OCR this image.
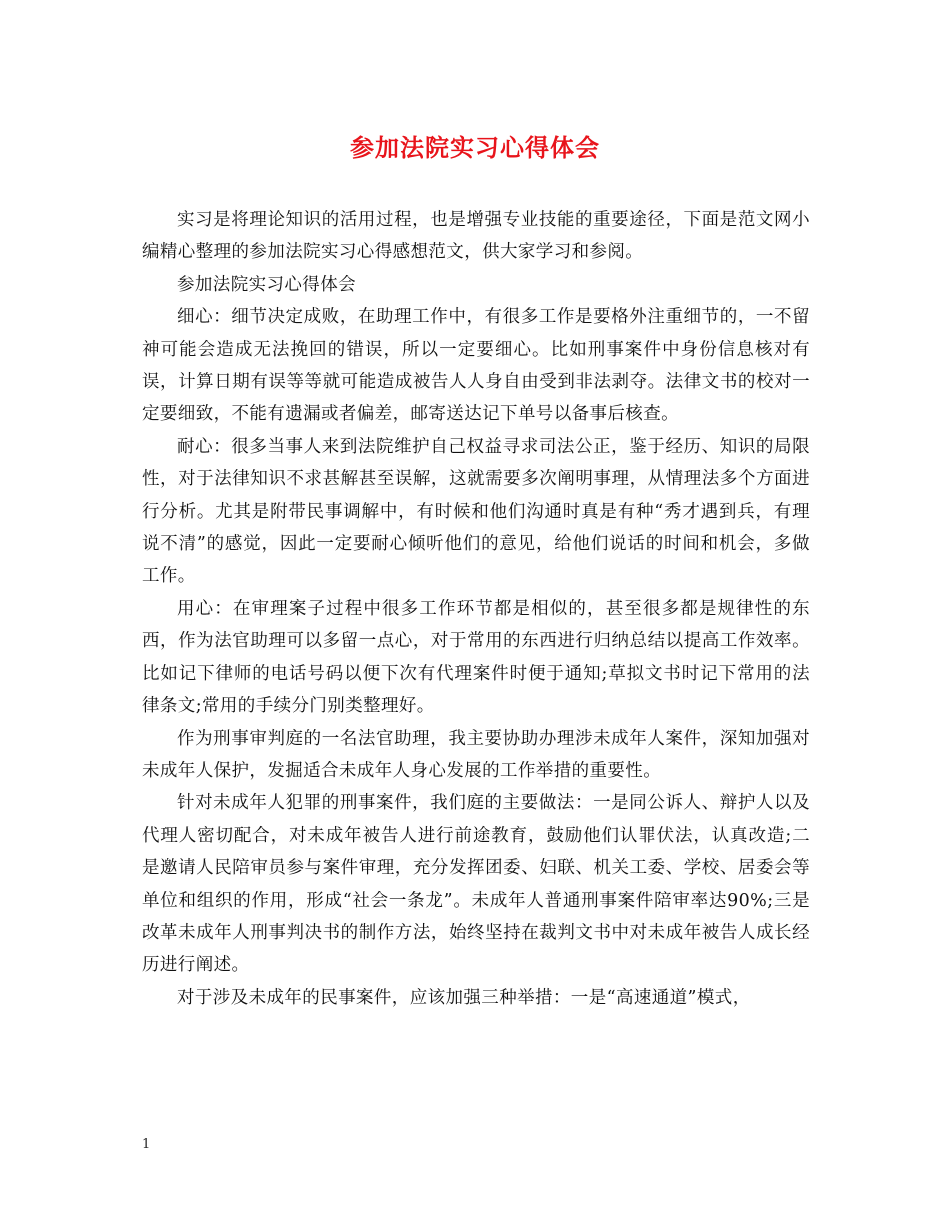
参加法院实习心得体会

实习是将理论知识的活用过程，也是增强专业技能的重要途径，下面是范文网小编精心整理的参加法院实习心得感想范文，供大家学习和参阅。

参加法院实习心得体会

细心：细节决定成败，在助理工作中，有很多工作是要格外注重细节的，一不留神可能会造成无法挽回的错误，所以一定要细心。比如刑事案件中身份信息核对有误，计算日期有误等等就可能造成被告人人身自由受到非法剥夺。法律文书的校对一定要细致，不能有遗漏或者偏差，邮寄送达记下单号以备事后核查。

耐心：很多当事人来到法院维护自己权益寻求司法公正，鉴于经历、知识的局限性，对于法律知识不求甚解甚至误解，这就需要多次阐明事理，从情理法多个方面进行分析。尤其是附带民事调解中，有时候和他们沟通时真是有种“秀才遇到兵，有理说不清”的感觉，因此一定要耐心倾听他们的意见，给他们说话的时间和机会，多做工作。

用心：在审理案子过程中很多工作环节都是相似的，甚至很多都是规律性的东西，作为法官助理可以多留一点心，对于常用的东西进行归纳总结以提高工作效率。比如记下律师的电话号码以便下次有代理案件时便于通知;草拟文书时记下常用的法律条文;常用的手续分门别类整理好。

作为刑事审判庭的一名法官助理，我主要协助办理涉未成年人案件，深知加强对未成年人保护，发掘适合未成年人身心发展的工作举措的重要性。

针对未成年人犯罪的刑事案件，我们庭的主要做法：一是同公诉人、辩护人以及代理人密切配合，对未成年被告人进行前途教育，鼓励他们认罪伏法，认真改造;二是邀请人民陪审员参与案件审理，充分发挥团委、妇联、机关工委、学校、居委会等单位和组织的作用，形成“社会一条龙”。未成年人普通刑事案件陪审率达90%;三是改革未成年人刑事判决书的制作方法，始终坚持在裁判文书中对未成年被告人成长经历进行阐述。

对于涉及未成年的民事案件，应该加强三种举措：一是“高速通道”模式，

1
